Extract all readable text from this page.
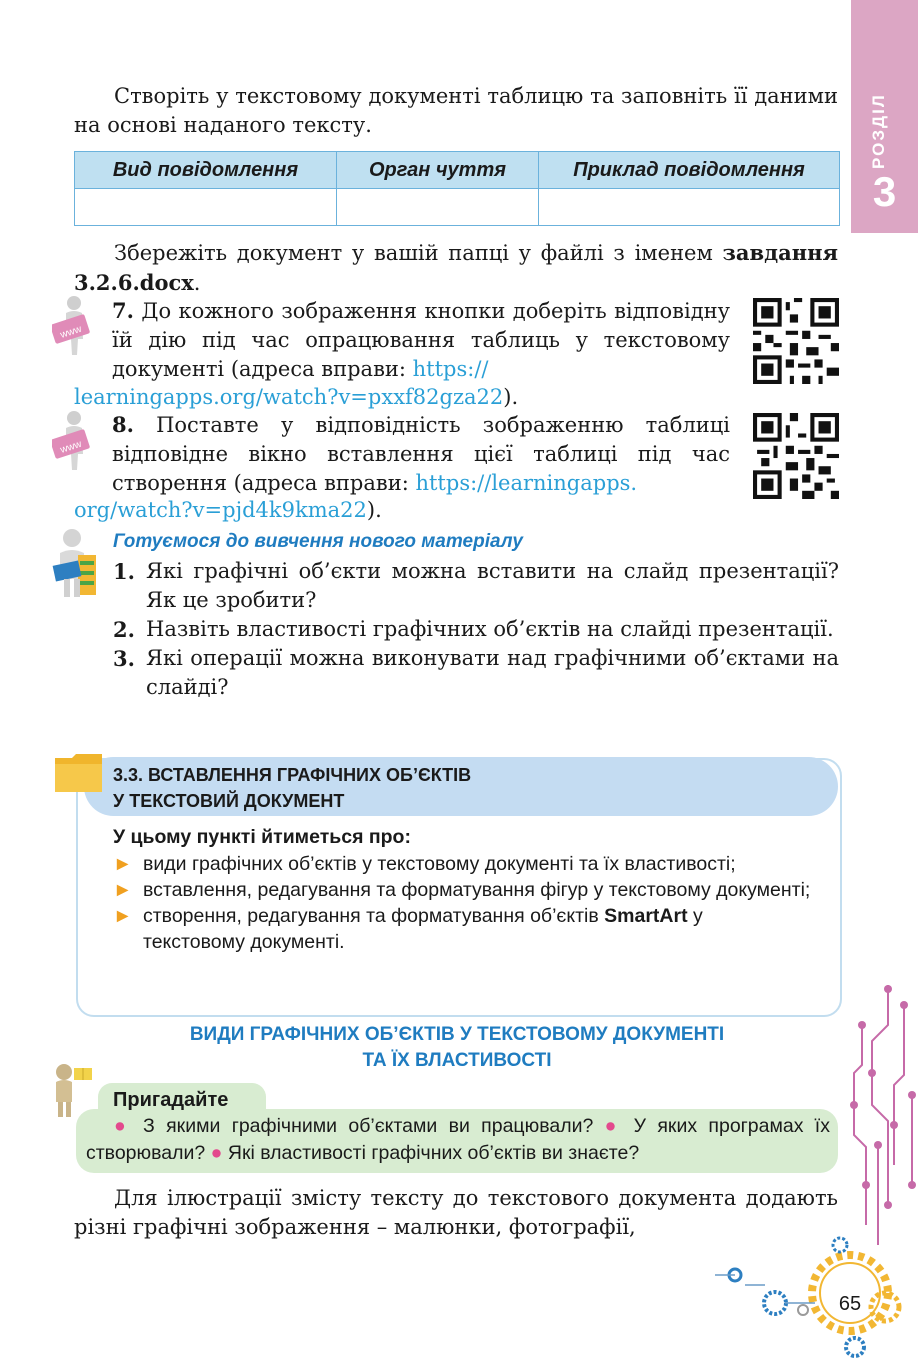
РОЗДІЛ
3
Створіть у текстовому документі таблицю та заповніть її даними на основі наданого тексту.
Вид повідомлення	Орган чуття	Приклад повідомлення

Збережіть документ у вашій папці у файлі з іменем завдання 3.2.6.docx.
www
7. До кожного зображення кнопки доберіть відповідну їй дію під час опрацювання таблиць у текстовому документі (адреса вправи: https://
learningapps.org/watch?v=pxxf82gza22).
www
8. Поставте у відповідність зображенню таблиці відповідне вікно вставлення цієї таблиці під час створення (адреса вправи: https://learningapps.
org/watch?v=pjd4k9kma22).
Готуємося до вивчення нового матеріалу
1. Які графічні об’єкти можна вставити на слайд презентації? Як це зробити?
2. Назвіть властивості графічних об’єктів на слайді презентації.
3. Які операції можна виконувати над графічними об’єктами на слайді?
3.3. ВСТАВЛЕННЯ ГРАФІЧНИХ ОБ’ЄКТІВ
У ТЕКСТОВИЙ ДОКУМЕНТ
У цьому пункті йтиметься про:
► види графічних об’єктів у текстовому документі та їх властивості;
► вставлення, редагування та форматування фігур у текстовому документі;
► створення, редагування та форматування об’єктів SmartArt у текстовому документі.
ВИДИ ГРАФІЧНИХ ОБ’ЄКТІВ У ТЕКСТОВОМУ ДОКУМЕНТІ
ТА ЇХ ВЛАСТИВОСТІ
Пригадайте
● З якими графічними об’єктами ви працювали? ● У яких програмах їх створювали? ● Які властивості графічних об’єктів ви знаєте?
Для ілюстрації змісту тексту до текстового документа додають різні графічні зображення – малюнки, фотографії,
65
